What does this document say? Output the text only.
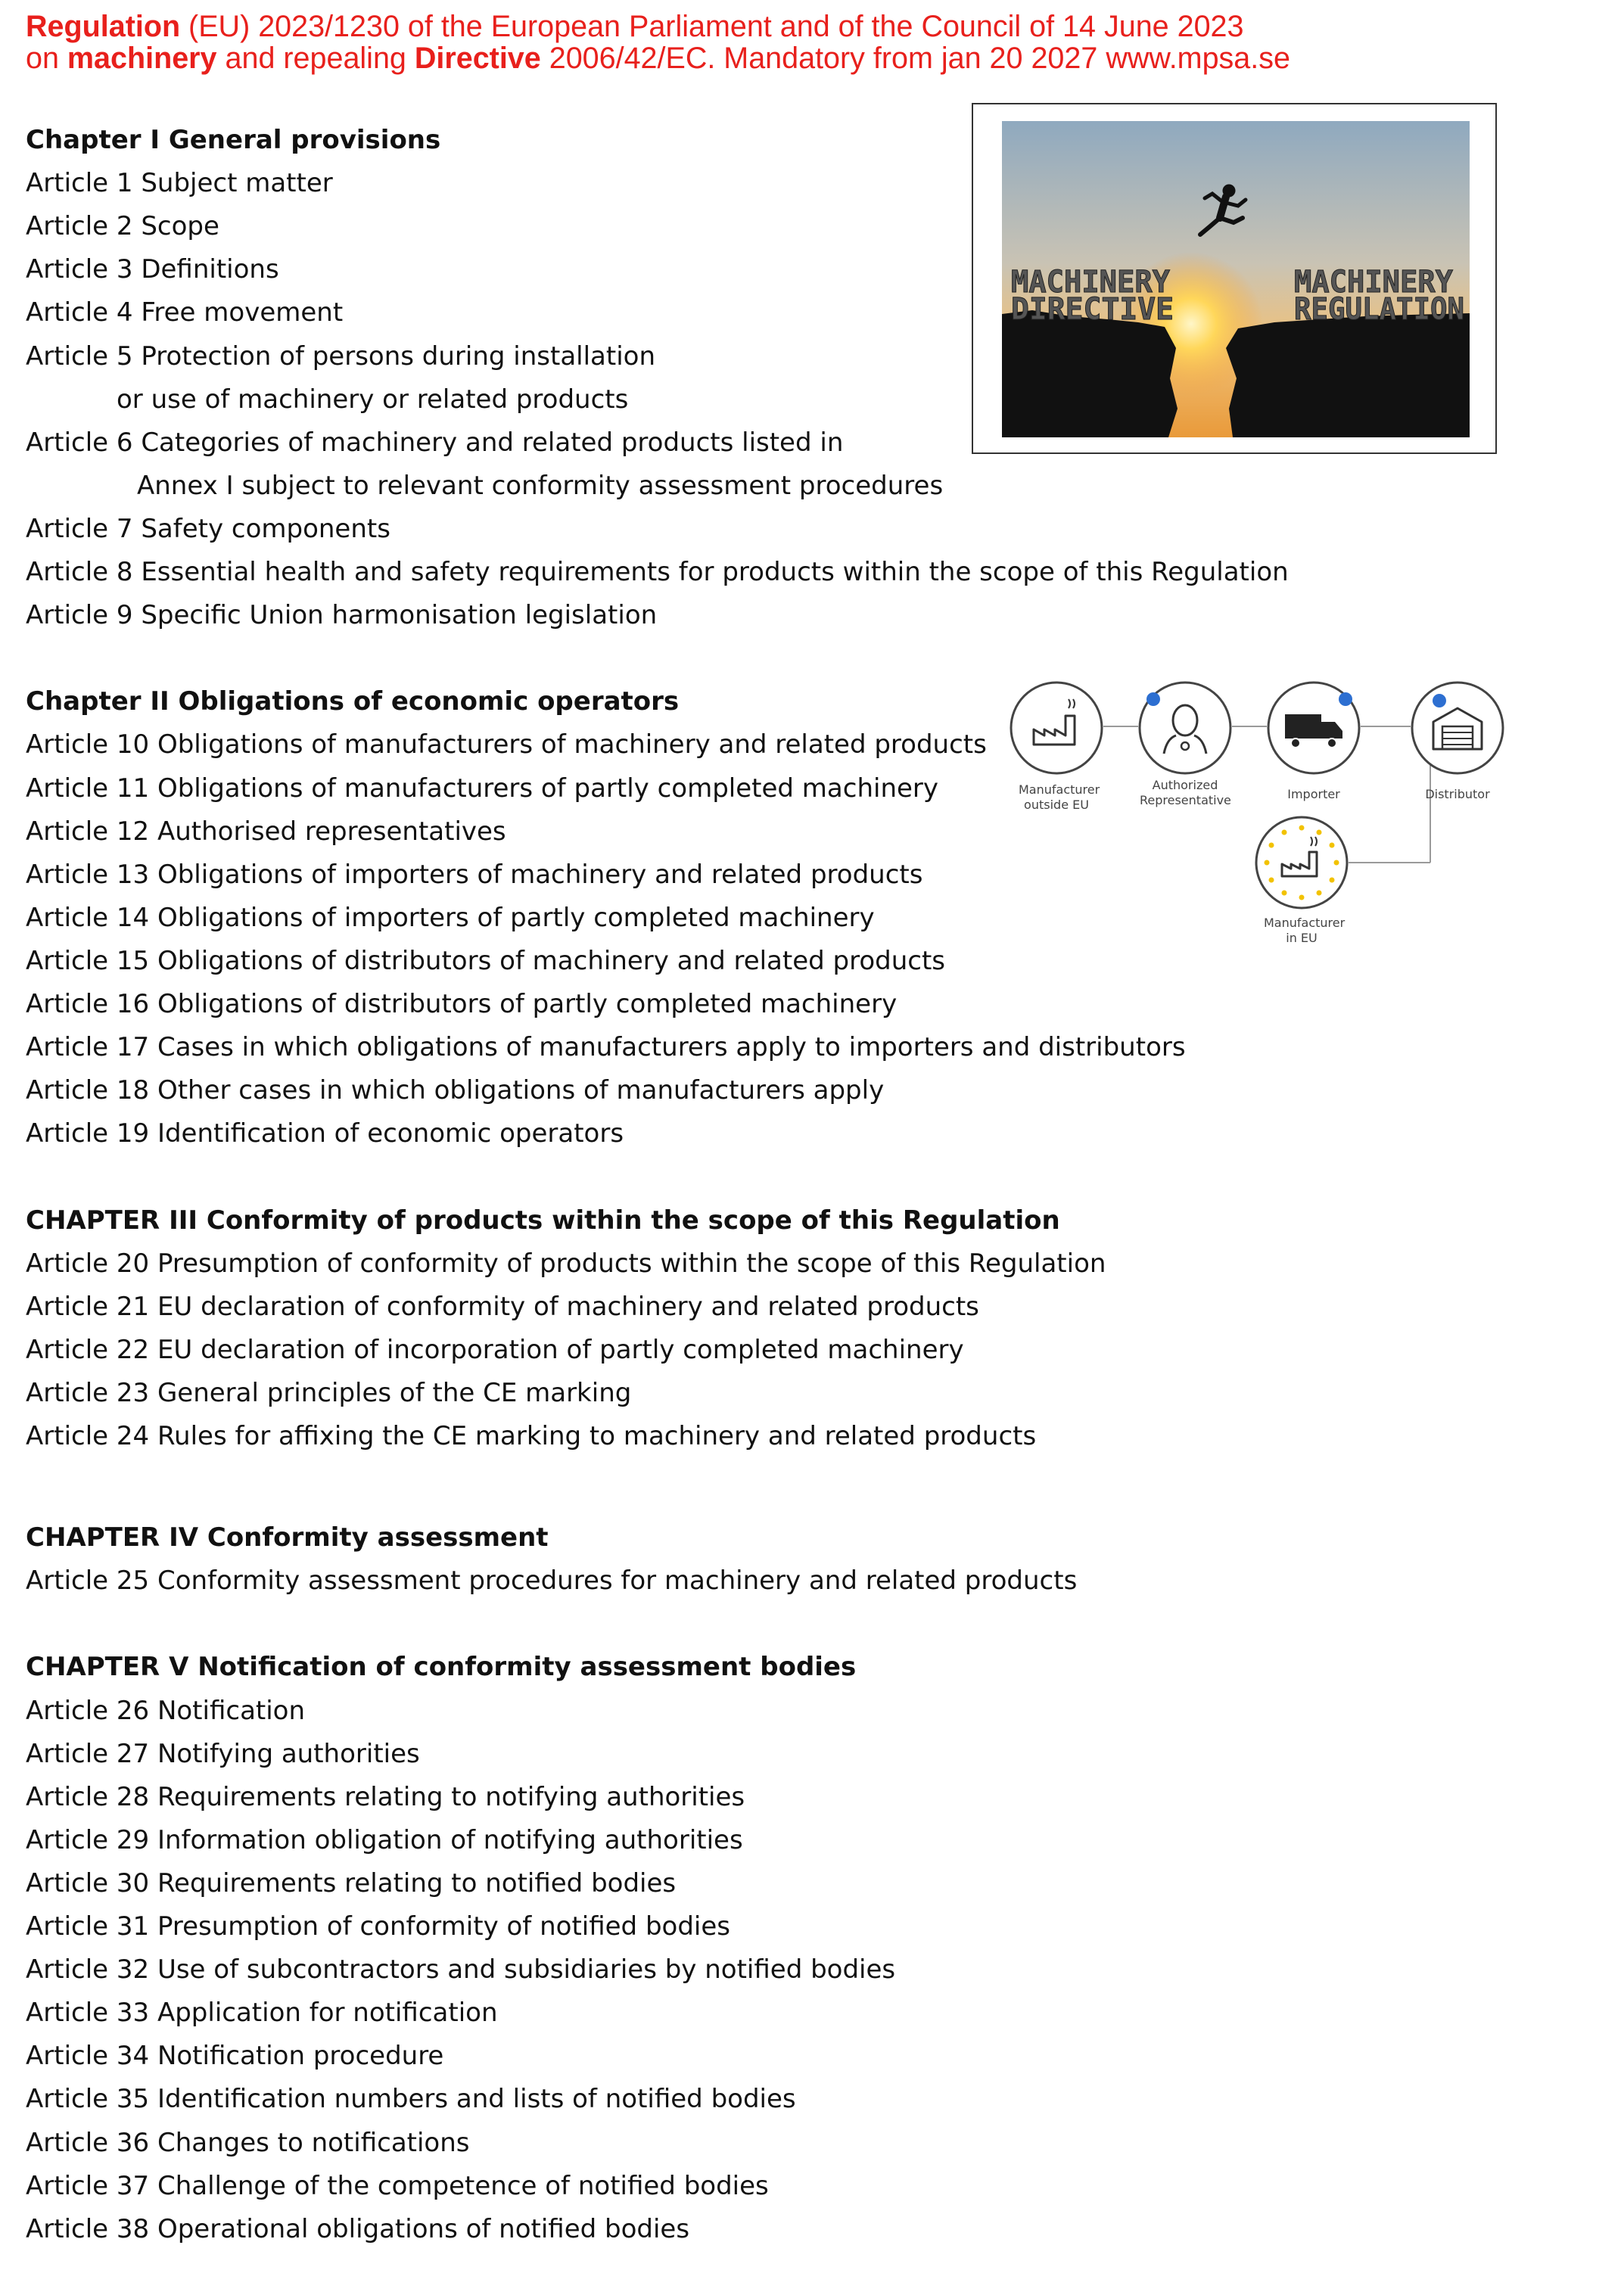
Regulation (EU) 2023/1230 of the European Parliament and of the Council of 14 June 2023
on machinery and repealing Directive 2006/42/EC. Mandatory from jan 20 2027 www.mpsa.se
Chapter I General provisions
Article 1 Subject matter
Article 2 Scope
Article 3 Definitions
Article 4 Free movement
Article 5 Protection of persons during installation
or use of machinery or related products
Article 6 Categories of machinery and related products listed in
Annex I subject to relevant conformity assessment procedures
Article 7 Safety components
Article 8 Essential health and safety requirements for products within the scope of this Regulation
Article 9 Specific Union harmonisation legislation
Chapter II Obligations of economic operators
Article 10 Obligations of manufacturers of machinery and related products
Article 11 Obligations of manufacturers of partly completed machinery
Article 12 Authorised representatives
Article 13 Obligations of importers of machinery and related products
Article 14 Obligations of importers of partly completed machinery
Article 15 Obligations of distributors of machinery and related products
Article 16 Obligations of distributors of partly completed machinery
Article 17 Cases in which obligations of manufacturers apply to importers and distributors
Article 18 Other cases in which obligations of manufacturers apply
Article 19 Identification of economic operators
CHAPTER III Conformity of products within the scope of this Regulation
Article 20 Presumption of conformity of products within the scope of this Regulation
Article 21 EU declaration of conformity of machinery and related products
Article 22 EU declaration of incorporation of partly completed machinery
Article 23 General principles of the CE marking
Article 24 Rules for affixing the CE marking to machinery and related products
CHAPTER IV Conformity assessment
Article 25 Conformity assessment procedures for machinery and related products
CHAPTER V Notification of conformity assessment bodies
Article 26 Notification
Article 27 Notifying authorities
Article 28 Requirements relating to notifying authorities
Article 29 Information obligation of notifying authorities
Article 30 Requirements relating to notified bodies
Article 31 Presumption of conformity of notified bodies
Article 32 Use of subcontractors and subsidiaries by notified bodies
Article 33 Application for notification
Article 34 Notification procedure
Article 35 Identification numbers and lists of notified bodies
Article 36 Changes to notifications
Article 37 Challenge of the competence of notified bodies
Article 38 Operational obligations of notified bodies
MACHINERY
DIRECTIVE
MACHINERY
REGULATION
Manufacturer
outside EU
Authorized
Representative	Importer	Distributor
Manufacturer
in EU
